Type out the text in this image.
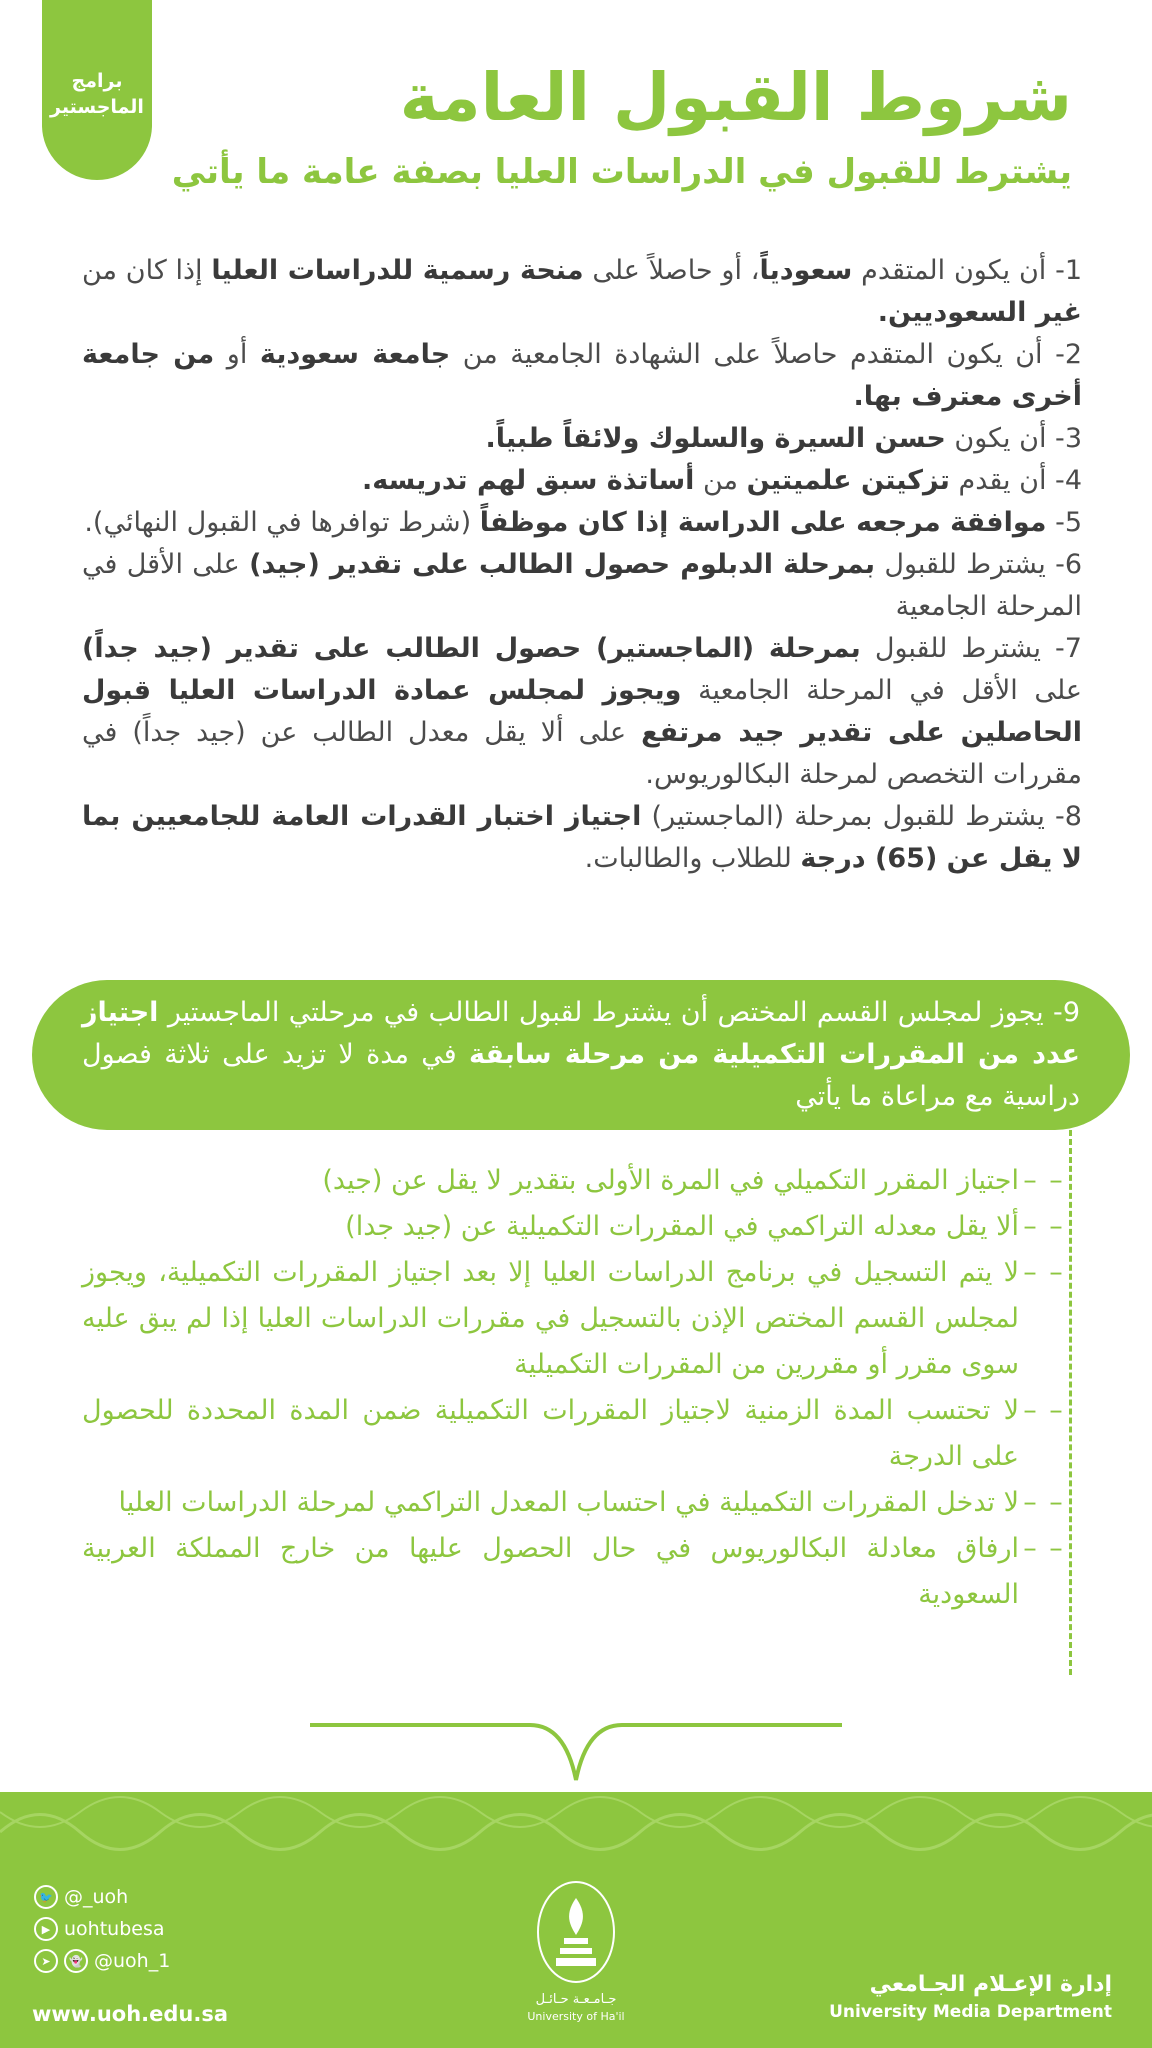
برامج
الماجستير	شروط القبول العامة
يشترط للقبول في الدراسات العليا بصفة عامة ما يأتي

1- أن يكون المتقدم سعودياً، أو حاصلاً على منحة رسمية للدراسات العليا إذا كان من غير السعوديين.

2- أن يكون المتقدم حاصلاً على الشهادة الجامعية من جامعة سعودية أو من جامعة أخرى معترف بها.

3- أن يكون حسن السيرة والسلوك ولائقاً طبياً.

4- أن يقدم تزكيتن علميتين من أساتذة سبق لهم تدريسه.

5- موافقة مرجعه على الدراسة إذا كان موظفاً (شرط توافرها في القبول النهائي).

6- يشترط للقبول بمرحلة الدبلوم حصول الطالب على تقدير (جيد) على الأقل في المرحلة الجامعية

7- يشترط للقبول بمرحلة (الماجستير) حصول الطالب على تقدير (جيد جداً) على الأقل في المرحلة الجامعية ويجوز لمجلس عمادة الدراسات العليا قبول الحاصلين على تقدير جيد مرتفع على ألا يقل معدل الطالب عن (جيد جداً) في مقررات التخصص لمرحلة البكالوريوس.

8- يشترط للقبول بمرحلة (الماجستير) اجتياز اختبار القدرات العامة للجامعيين بما لا يقل عن (65) درجة للطلاب والطالبات.

9- يجوز لمجلس القسم المختص أن يشترط لقبول الطالب في مرحلتي الماجستير اجتياز عدد من المقررات التكميلية من مرحلة سابقة في مدة لا تزيد على ثلاثة فصول دراسية مع مراعاة ما يأتي
– –
اجتياز المقرر التكميلي في المرة الأولى بتقدير لا يقل عن (جيد)
– –
ألا يقل معدله التراكمي في المقررات التكميلية عن (جيد جدا)
– –
لا يتم التسجيل في برنامج الدراسات العليا إلا بعد اجتياز المقررات التكميلية، ويجوز لمجلس القسم المختص الإذن بالتسجيل في مقررات الدراسات العليا إذا لم يبق عليه سوى مقرر أو مقررين من المقررات التكميلية
– –
لا تحتسب المدة الزمنية لاجتياز المقررات التكميلية ضمن المدة المحددة للحصول على الدرجة
– –
لا تدخل المقررات التكميلية في احتساب المعدل التراكمي لمرحلة الدراسات العليا
– –
ارفاق معادلة البكالوريوس في حال الحصول عليها من خارج المملكة العربية السعودية
🐦 @_uoh
▶ uohtubesa
➤	👻 @uoh_1
www.uoh.edu.sa
جـامـعـة حـائـل
University of Ha'il
إدارة الإعـلام الجـامعي
University Media Department
